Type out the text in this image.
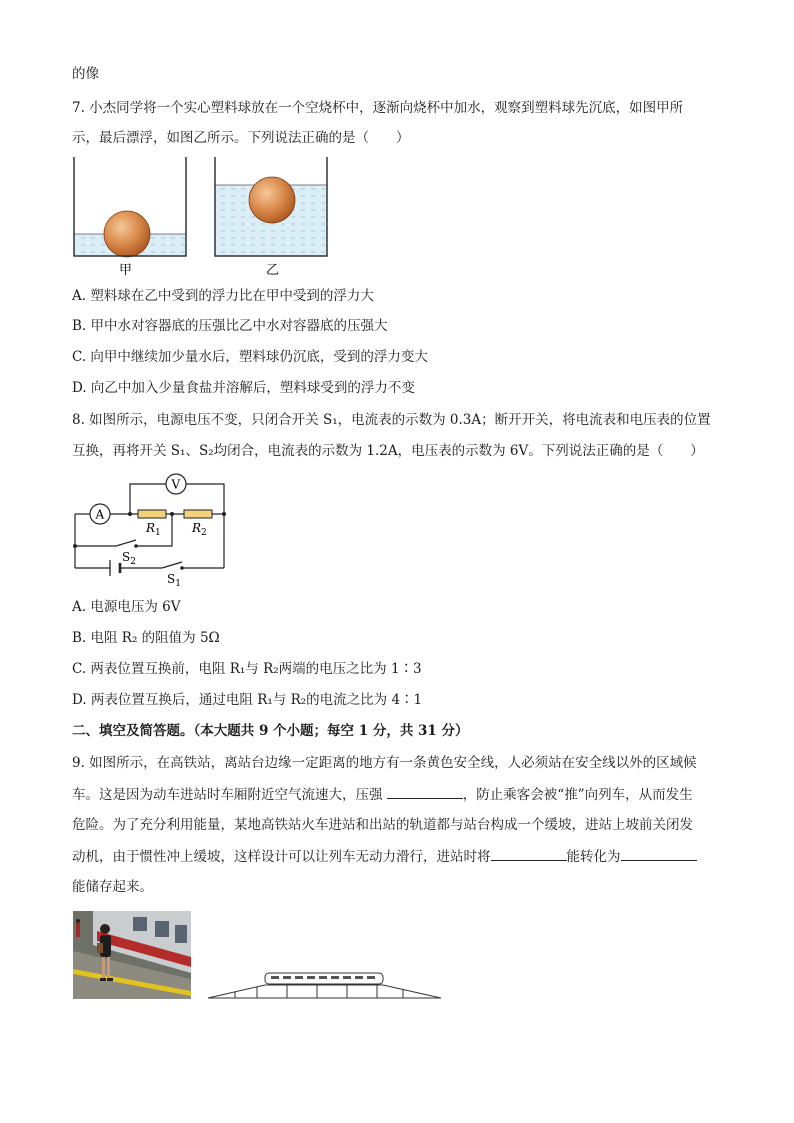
的像
7. 小杰同学将一个实心塑料球放在一个空烧杯中，逐渐向烧杯中加水，观察到塑料球先沉底，如图甲所
示，最后漂浮，如图乙所示。下列说法正确的是（　　）
甲	乙
A. 塑料球在乙中受到的浮力比在甲中受到的浮力大
B. 甲中水对容器底的压强比乙中水对容器底的压强大
C. 向甲中继续加少量水后，塑料球仍沉底，受到的浮力变大
D. 向乙中加入少量食盐并溶解后，塑料球受到的浮力不变
8. 如图所示，电源电压不变，只闭合开关 S₁，电流表的示数为 0.3A；断开开关，将电流表和电压表的位置
互换，再将开关 S₁、S₂均闭合，电流表的示数为 1.2A，电压表的示数为 6V。下列说法正确的是（　　）
A
V
$R_1$	$R_2$
$S_2$
$S_1$
A. 电源电压为 6V
B. 电阻 R₂ 的阻值为 5Ω
C. 两表位置互换前，电阻 R₁与 R₂两端的电压之比为 1∶3
D. 两表位置互换后，通过电阻 R₁与 R₂的电流之比为 4∶1
二、填空及简答题。（本大题共 9 个小题；每空 1 分，共 31 分）
9. 如图所示，在高铁站，离站台边缘一定距离的地方有一条黄色安全线，人必须站在安全线以外的区域候
车。这是因为动车进站时车厢附近空气流速大，压强	，防止乘客会被“推”向列车，从而发生
危险。为了充分利用能量，某地高铁站火车进站和出站的轨道都与站台构成一个缓坡，进站上坡前关闭发
动机，由于惯性冲上缓坡，这样设计可以让列车无动力滑行，进站时将	能转化为
能储存起来。
